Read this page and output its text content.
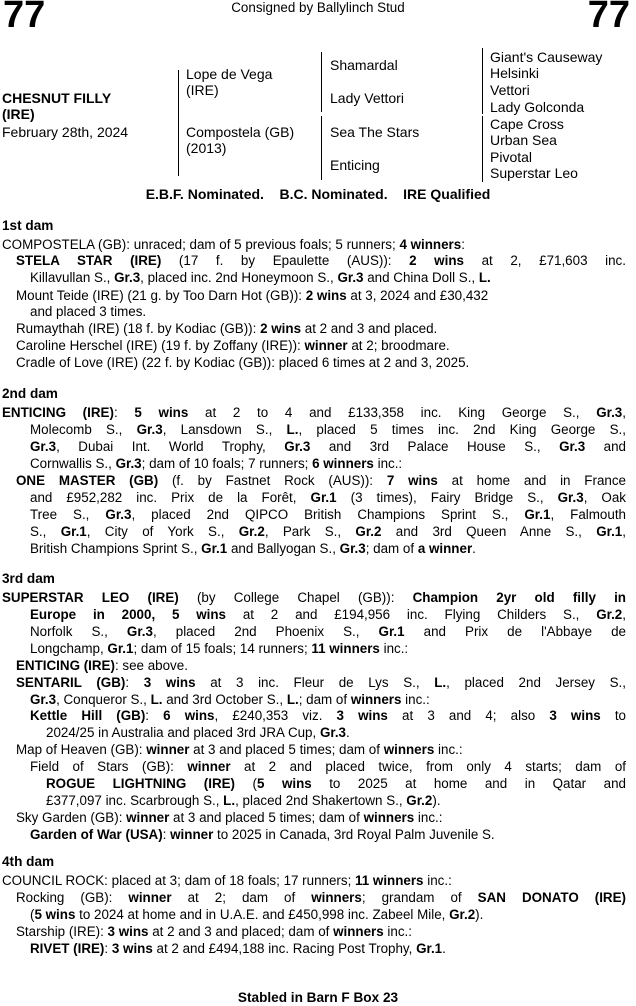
77	Consigned by Ballylinch Stud	77
CHESNUT FILLY
(IRE)
February 28th, 2024
Lope de Vega
(IRE)
Compostela (GB)
(2013)
Shamardal
Lady Vettori
Sea The Stars
Enticing
Giant's Causeway
Helsinki
Vettori
Lady Golconda
Cape Cross
Urban Sea
Pivotal
Superstar Leo
E.B.F. Nominated.    B.C. Nominated.    IRE Qualified
1st dam
COMPOSTELA (GB): unraced; dam of 5 previous foals; 5 runners; 4 winners:
STELA STAR (IRE) (17 f. by Epaulette (AUS)): 2 wins at 2, £71,603 inc.
Killavullan S., Gr.3, placed inc. 2nd Honeymoon S., Gr.3 and China Doll S., L.
Mount Teide (IRE) (21 g. by Too Darn Hot (GB)): 2 wins at 3, 2024 and £30,432
and placed 3 times.
Rumaythah (IRE) (18 f. by Kodiac (GB)): 2 wins at 2 and 3 and placed.
Caroline Herschel (IRE) (19 f. by Zoffany (IRE)): winner at 2; broodmare.
Cradle of Love (IRE) (22 f. by Kodiac (GB)): placed 6 times at 2 and 3, 2025.
2nd dam
ENTICING (IRE): 5 wins at 2 to 4 and £133,358 inc. King George S., Gr.3,
Molecomb S., Gr.3, Lansdown S., L., placed 5 times inc. 2nd King George S.,
Gr.3, Dubai Int. World Trophy, Gr.3 and 3rd Palace House S., Gr.3 and
Cornwallis S., Gr.3; dam of 10 foals; 7 runners; 6 winners inc.:
ONE MASTER (GB) (f. by Fastnet Rock (AUS)): 7 wins at home and in France
and £952,282 inc. Prix de la Forêt, Gr.1 (3 times), Fairy Bridge S., Gr.3, Oak
Tree S., Gr.3, placed 2nd QIPCO British Champions Sprint S., Gr.1, Falmouth
S., Gr.1, City of York S., Gr.2, Park S., Gr.2 and 3rd Queen Anne S., Gr.1,
British Champions Sprint S., Gr.1 and Ballyogan S., Gr.3; dam of a winner.
3rd dam
SUPERSTAR LEO (IRE) (by College Chapel (GB)): Champion 2yr old filly in
Europe in 2000, 5 wins at 2 and £194,956 inc. Flying Childers S., Gr.2,
Norfolk S., Gr.3, placed 2nd Phoenix S., Gr.1 and Prix de l'Abbaye de
Longchamp, Gr.1; dam of 15 foals; 14 runners; 11 winners inc.:
ENTICING (IRE): see above.
SENTARIL (GB): 3 wins at 3 inc. Fleur de Lys S., L., placed 2nd Jersey S.,
Gr.3, Conqueror S., L. and 3rd October S., L.; dam of winners inc.:
Kettle Hill (GB): 6 wins, £240,353 viz. 3 wins at 3 and 4; also 3 wins to
2024/25 in Australia and placed 3rd JRA Cup, Gr.3.
Map of Heaven (GB): winner at 3 and placed 5 times; dam of winners inc.:
Field of Stars (GB): winner at 2 and placed twice, from only 4 starts; dam of
ROGUE LIGHTNING (IRE) (5 wins to 2025 at home and in Qatar and
£377,097 inc. Scarbrough S., L., placed 2nd Shakertown S., Gr.2).
Sky Garden (GB): winner at 3 and placed 5 times; dam of winners inc.:
Garden of War (USA): winner to 2025 in Canada, 3rd Royal Palm Juvenile S.
4th dam
COUNCIL ROCK: placed at 3; dam of 18 foals; 17 runners; 11 winners inc.:
Rocking (GB): winner at 2; dam of winners; grandam of SAN DONATO (IRE)
(5 wins to 2024 at home and in U.A.E. and £450,998 inc. Zabeel Mile, Gr.2).
Starship (IRE): 3 wins at 2 and 3 and placed; dam of winners inc.:
RIVET (IRE): 3 wins at 2 and £494,188 inc. Racing Post Trophy, Gr.1.
Stabled in Barn F Box 23
